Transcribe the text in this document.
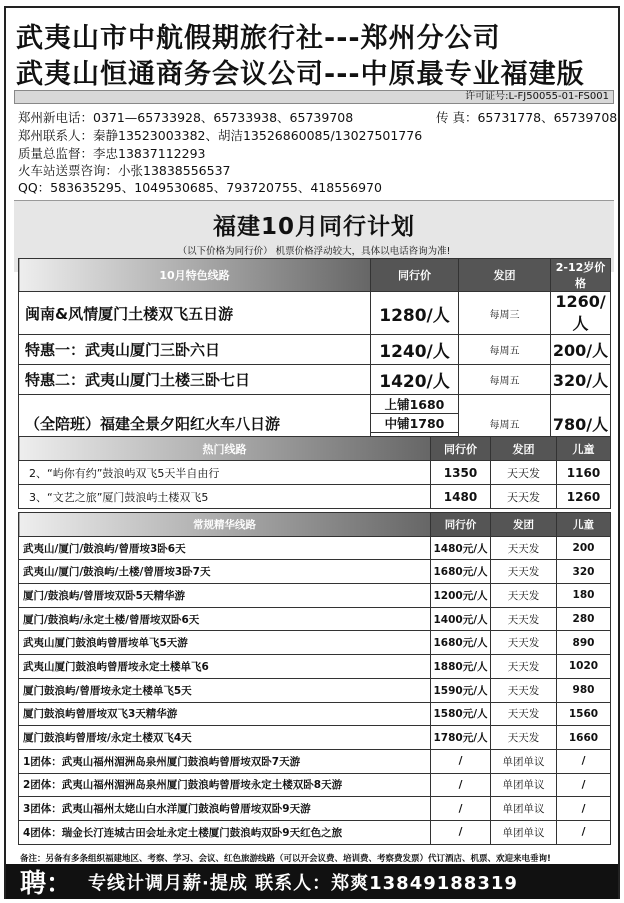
武夷山市中航假期旅行社---郑州分公司
武夷山恒通商务会议公司---中原最专业福建版
许可证号:L-FJ50055-01-FS001
郑州新电话：0371—65733928、65733938、65739708	传 真：65731778、65739708
郑州联系人：秦静13523003382、胡洁13526860085/13027501776
质量总监督：李忠13837112293
火车站送票咨询：小张13838556537
QQ：583635295、1049530685、793720755、418556970
福建10月同行计划
（以下价格为同行价） 机票价格浮动较大，具体以电话咨询为准!
10月特色线路	同行价	发团	2-12岁价格
闽南&风情厦门土楼双飞五日游	1280/人	每周三	1260/人
特惠一：武夷山厦门三卧六日	1240/人	每周五	200/人
特惠二：武夷山厦门土楼三卧七日	1420/人	每周五	320/人
（全陪班）福建全景夕阳红火车八日游	上铺1680	每周五	780/人
	中铺1780		

热门线路	同行价	发团	儿童
2、“屿你有约”鼓浪屿双飞5天半自由行	1350	天天发	1160
3、“文艺之旅”厦门鼓浪屿土楼双飞5	1480	天天发	1260
常规精华线路	同行价	发团	儿童
武夷山/厦门/鼓浪屿/曾厝垵3卧6天	1480元/人	天天发	200
武夷山/厦门/鼓浪屿/土楼/曾厝垵3卧7天	1680元/人	天天发	320
厦门/鼓浪屿/曾厝垵双卧5天精华游	1200元/人	天天发	180
厦门/鼓浪屿/永定土楼/曾厝垵双卧6天	1400元/人	天天发	280
武夷山厦门鼓浪屿曾厝垵单飞5天游	1680元/人	天天发	890
武夷山厦门鼓浪屿曾厝垵永定土楼单飞6	1880元/人	天天发	1020
厦门鼓浪屿/曾厝垵永定土楼单飞5天	1590元/人	天天发	980
厦门鼓浪屿曾厝垵双飞3天精华游	1580元/人	天天发	1560
厦门鼓浪屿曾厝垵/永定土楼双飞4天	1780元/人	天天发	1660
1团体：武夷山福州湄洲岛泉州厦门鼓浪屿曾厝垵双卧7天游	/	单团单议	/
2团体：武夷山福州湄洲岛泉州厦门鼓浪屿曾厝垵永定土楼双卧8天游	/	单团单议	/
3团体：武夷山福州太姥山白水洋厦门鼓浪屿曾厝垵双卧9天游	/	单团单议	/
4团体：瑞金长汀连城古田会址永定土楼厦门鼓浪屿双卧9天红色之旅	/	单团单议	/
备注：另备有多条组织福建地区、考察、学习、会议、红色旅游线路（可以开会议费、培训费、考察费发票）代订酒店、机票、欢迎来电垂询!
聘： 专线计调月薪·提成 联系人：郑爽13849188319
